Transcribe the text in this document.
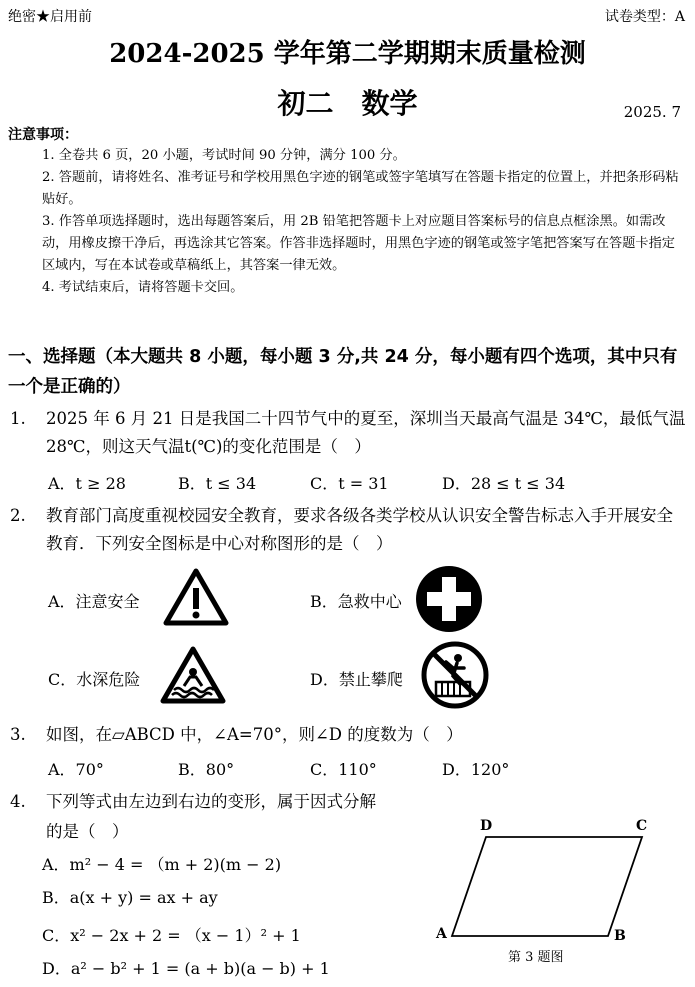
绝密★启用前	试卷类型：A
2024-2025 学年第二学期期末质量检测
初二　数学	2025. 7
注意事项：
1. 全卷共 6 页，20 小题，考试时间 90 分钟，满分 100 分。
2. 答题前，请将姓名、准考证号和学校用黑色字迹的钢笔或签字笔填写在答题卡指定的位置上，并把条形码粘贴好。
3. 作答单项选择题时，选出每题答案后，用 2B 铅笔把答题卡上对应题目答案标号的信息点框涂黑。如需改动，用橡皮擦干净后，再选涂其它答案。作答非选择题时，用黑色字迹的钢笔或签字笔把答案写在答题卡指定区域内，写在本试卷或草稿纸上，其答案一律无效。
4. 考试结束后，请将答题卡交回。
一、选择题（本大题共 8 小题，每小题 3 分,共 24 分，每小题有四个选项，其中只有一个是正确的）
1. 2025 年 6 月 21 日是我国二十四节气中的夏至，深圳当天最高气温是 34℃，最低气温 28℃，则这天气温t(℃)的变化范围是（　）
A．t ≥ 28	B．t ≤ 34	C．t = 31	D．28 ≤ t ≤ 34
2. 教育部门高度重视校园安全教育，要求各级各类学校从认识安全警告标志入手开展安全教育．下列安全图标是中心对称图形的是（　）
A．注意安全	B．急救中心
C．水深危险	D．禁止攀爬
3. 如图，在▱ABCD 中，∠A=70°，则∠D 的度数为（　）
A．70°	B．80°	C．110°	D．120°
4. 下列等式由左边到右边的变形，属于因式分解
的是（　）
A．m² − 4 = （m + 2)(m − 2)
B．a(x + y) = ax + ay
C．x² − 2x + 2 = （x − 1）² + 1
D．a² − b² + 1 = (a + b)(a − b) + 1
A	B
C
D
第 3 题图
